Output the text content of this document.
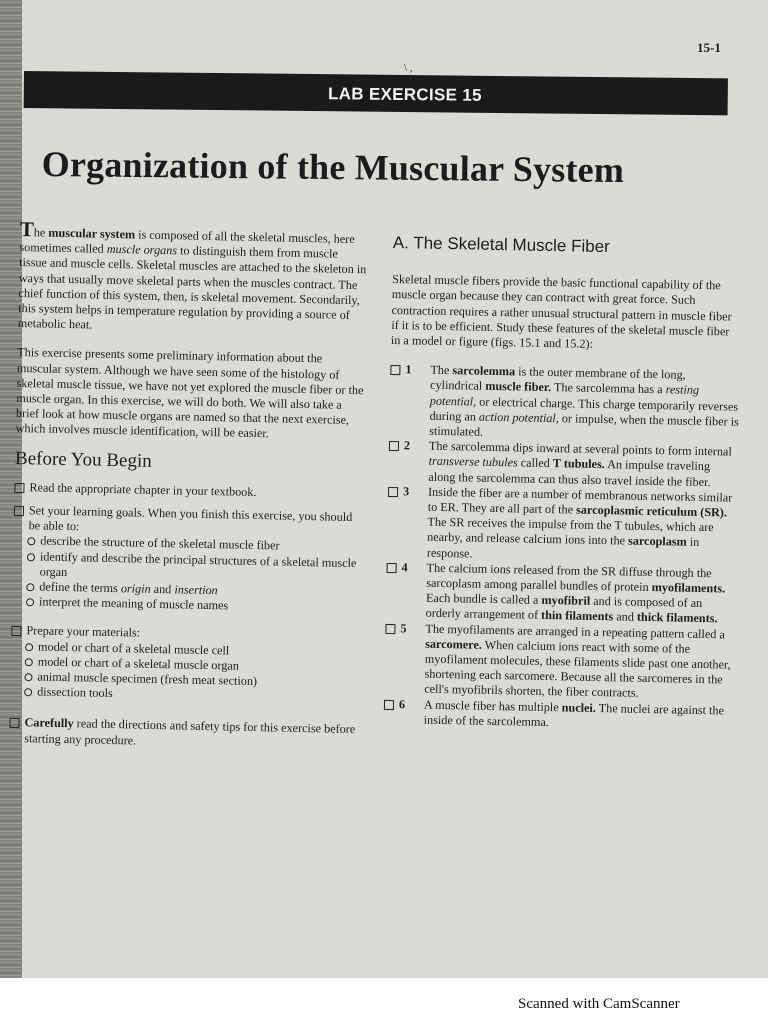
\ ,
15-1
LAB EXERCISE 15
Organization of the Muscular System

The muscular system is composed of all the skeletal muscles, here sometimes called muscle organs to distinguish them from muscle tissue and muscle cells. Skeletal muscles are attached to the skeleton in ways that usually move skeletal parts when the muscles contract. The chief function of this system, then, is skeletal movement. Secondarily, this system helps in temperature regulation by providing a source of metabolic heat.

This exercise presents some preliminary information about the muscular system. Although we have seen some of the histology of skeletal muscle tissue, we have not yet explored the muscle fiber or the muscle organ. In this exercise, we will do both. We will also take a brief look at how muscle organs are named so that the next exercise, which involves muscle identification, will be easier.

Before You Begin
Read the appropriate chapter in your textbook.
Set your learning goals. When you finish this exercise, you should be able to:
describe the structure of the skeletal muscle fiber
identify and describe the principal structures of a skeletal muscle organ
define the terms origin and insertion
interpret the meaning of muscle names
Prepare your materials:
model or chart of a skeletal muscle cell
model or chart of a skeletal muscle organ
animal muscle specimen (fresh meat section)
dissection tools
Carefully read the directions and safety tips for this exercise before starting any procedure.
A. The Skeletal Muscle Fiber

Skeletal muscle fibers provide the basic functional capability of the muscle organ because they can contract with great force. Such contraction requires a rather unusual structural pattern in muscle fiber if it is to be efficient. Study these features of the skeletal muscle fiber in a model or figure (figs. 15.1 and 15.2):

1 The sarcolemma is the outer membrane of the long, cylindrical muscle fiber. The sarcolemma has a resting potential, or electrical charge. This charge temporarily reverses during an action potential, or impulse, when the muscle fiber is stimulated.
2 The sarcolemma dips inward at several points to form internal transverse tubules called T tubules. An impulse traveling along the sarcolemma can thus also travel inside the fiber.
3 Inside the fiber are a number of membranous networks similar to ER. They are all part of the sarcoplasmic reticulum (SR). The SR receives the impulse from the T tubules, which are nearby, and release calcium ions into the sarcoplasm in response.
4 The calcium ions released from the SR diffuse through the sarcoplasm among parallel bundles of protein myofilaments. Each bundle is called a myofibril and is composed of an orderly arrangement of thin filaments and thick filaments.
5 The myofilaments are arranged in a repeating pattern called a sarcomere. When calcium ions react with some of the myofilament molecules, these filaments slide past one another, shortening each sarcomere. Because all the sarcomeres in the cell's myofibrils shorten, the fiber contracts.
6 A muscle fiber has multiple nuclei. The nuclei are against the inside of the sarcolemma.
Scanned with CamScanner
